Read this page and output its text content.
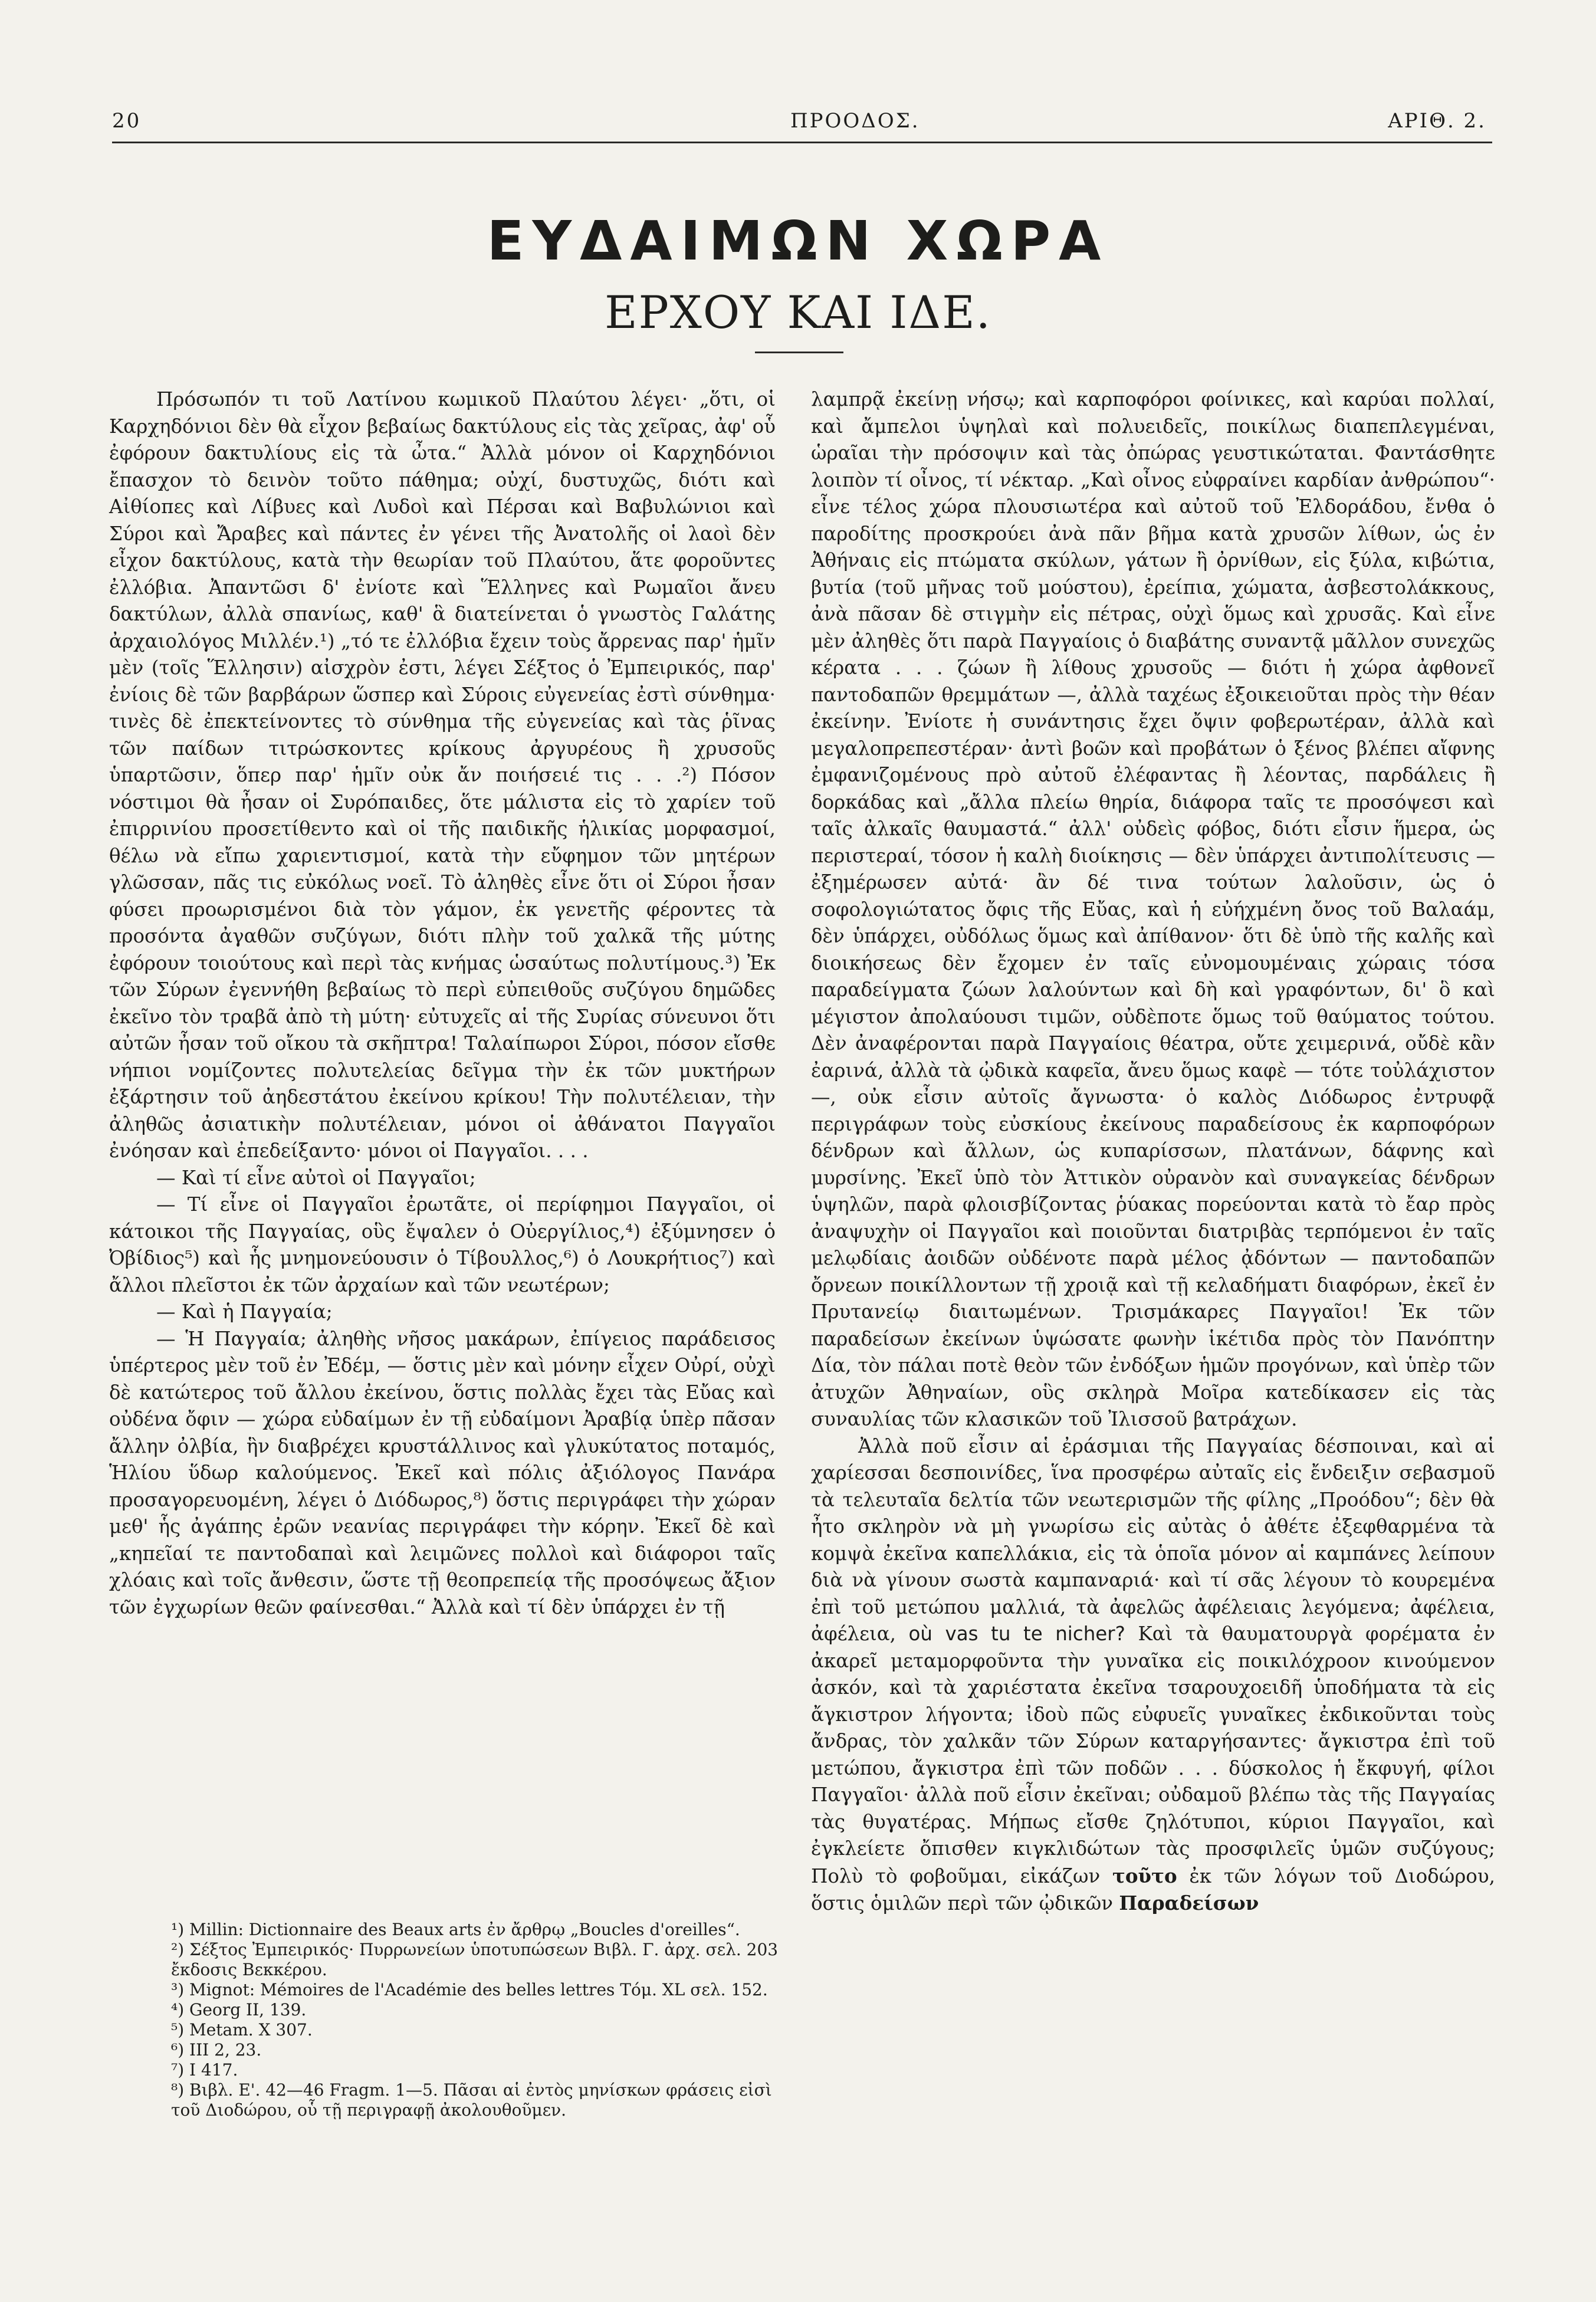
20	ΠΡΟΟΔΟΣ.	ΑΡΙΘ. 2.
ΕΥΔΑΙΜΩΝ ΧΩΡΑ
ΕΡΧΟΥ ΚΑΙ ΙΔΕ.

Πρόσωπόν τι τοῦ Λατίνου κωμικοῦ Πλαύτου λέγει· „ὅτι, οἱ Καρχηδόνιοι δὲν θὰ εἶχον βεβαίως δακτύλους εἰς τὰς χεῖρας, ἀφ' οὗ ἐφόρουν δακτυλίους εἰς τὰ ὦτα.“ Ἀλλὰ μόνον οἱ Καρχηδόνιοι ἔπασχον τὸ δεινὸν τοῦτο πάθημα; οὐχί, δυστυχῶς, διότι καὶ Αἰθίοπες καὶ Λίβυες καὶ Λυδοὶ καὶ Πέρσαι καὶ Βαβυλώνιοι καὶ Σύροι καὶ Ἄραβες καὶ πάντες ἐν γένει τῆς Ἀνατολῆς οἱ λαοὶ δὲν εἶχον δακτύλους, κατὰ τὴν θεωρίαν τοῦ Πλαύτου, ἅτε φοροῦντες ἐλλόβια. Ἀπαντῶσι δ' ἐνίοτε καὶ Ἕλληνες καὶ Ρωμαῖοι ἄνευ δακτύλων, ἀλλὰ σπανίως, καθ' ἃ διατείνεται ὁ γνωστὸς Γαλάτης ἀρχαιολόγος Μιλλέν.¹) „τό τε ἐλλόβια ἔχειν τοὺς ἄρρενας παρ' ἡμῖν μὲν (τοῖς Ἕλλησιν) αἰσχρὸν ἐστι, λέγει Σέξτος ὁ Ἐμπειρικός, παρ' ἐνίοις δὲ τῶν βαρβάρων ὥσπερ καὶ Σύροις εὐγενείας ἐστὶ σύνθημα· τινὲς δὲ ἐπεκτείνοντες τὸ σύνθημα τῆς εὐγενείας καὶ τὰς ῥῖνας τῶν παίδων τιτρώσκοντες κρίκους ἀργυρέους ἢ χρυσοῦς ὑπαρτῶσιν, ὅπερ παρ' ἡμῖν οὐκ ἄν ποιήσειέ τις . . .²) Πόσον νόστιμοι θὰ ἦσαν οἱ Συρόπαιδες, ὅτε μάλιστα εἰς τὸ χαρίεν τοῦ ἐπιρρινίου προσετίθεντο καὶ οἱ τῆς παιδικῆς ἡλικίας μορφασμοί, θέλω νὰ εἴπω χαριεντισμοί, κατὰ τὴν εὔφημον τῶν μητέρων γλῶσσαν, πᾶς τις εὐκόλως νοεῖ. Τὸ ἀληθὲς εἶνε ὅτι οἱ Σύροι ἦσαν φύσει προωρισμένοι διὰ τὸν γάμον, ἐκ γενετῆς φέροντες τὰ προσόντα ἀγαθῶν συζύγων, διότι πλὴν τοῦ χαλκᾶ τῆς μύτης ἐφόρουν τοιούτους καὶ περὶ τὰς κνήμας ὡσαύτως πολυτίμους.³) Ἐκ τῶν Σύρων ἐγεννήθη βεβαίως τὸ περὶ εὐπειθοῦς συζύγου δημῶδες ἐκεῖνο τὸν τραβᾶ ἀπὸ τὴ μύτη· εὐτυχεῖς αἱ τῆς Συρίας σύνευνοι ὅτι αὐτῶν ἦσαν τοῦ οἴκου τὰ σκῆπτρα! Ταλαίπωροι Σύροι, πόσον εἴσθε νήπιοι νομίζοντες πολυτελείας δεῖγμα τὴν ἐκ τῶν μυκτήρων ἐξάρτησιν τοῦ ἀηδεστάτου ἐκείνου κρίκου! Τὴν πολυτέλειαν, τὴν ἀληθῶς ἀσιατικὴν πολυτέλειαν, μόνοι οἱ ἀθάνατοι Παγγαῖοι ἐνόησαν καὶ ἐπεδείξαντο· μόνοι οἱ Παγγαῖοι. . . .

— Καὶ τί εἶνε αὐτοὶ οἱ Παγγαῖοι;

— Τί εἶνε οἱ Παγγαῖοι ἐρωτᾶτε, οἱ περίφημοι Παγγαῖοι, οἱ κάτοικοι τῆς Παγγαίας, οὓς ἔψαλεν ὁ Οὐεργίλιος,⁴) ἐξύμνησεν ὁ Ὀβίδιος⁵) καὶ ἧς μνημονεύουσιν ὁ Τίβουλλος,⁶) ὁ Λουκρήτιος⁷) καὶ ἄλλοι πλεῖστοι ἐκ τῶν ἀρχαίων καὶ τῶν νεωτέρων;

— Καὶ ἡ Παγγαία;

— Ἡ Παγγαία; ἀληθὴς νῆσος μακάρων, ἐπίγειος παράδεισος ὑπέρτερος μὲν τοῦ ἐν Ἐδέμ, — ὅστις μὲν καὶ μόνην εἶχεν Οὐρί, οὐχὶ δὲ κατώτερος τοῦ ἄλλου ἐκείνου, ὅστις πολλὰς ἔχει τὰς Εὔας καὶ οὐδένα ὄφιν — χώρα εὐδαίμων ἐν τῇ εὐδαίμονι Ἀραβίᾳ ὑπὲρ πᾶσαν ἄλλην ὀλβία, ἣν διαβρέχει κρυστάλλινος καὶ γλυκύτατος ποταμός, Ἡλίου ὕδωρ καλούμενος. Ἐκεῖ καὶ πόλις ἀξιόλογος Πανάρα προσαγορευομένη, λέγει ὁ Διόδωρος,⁸) ὅστις περιγράφει τὴν χώραν μεθ' ἧς ἀγάπης ἐρῶν νεανίας περιγράφει τὴν κόρην. Ἐκεῖ δὲ καὶ „κηπεῖαί τε παντοδαπαὶ καὶ λειμῶνες πολλοὶ καὶ διάφοροι ταῖς χλόαις καὶ τοῖς ἄνθεσιν, ὥστε τῇ θεοπρεπείᾳ τῆς προσόψεως ἄξιον τῶν ἐγχωρίων θεῶν φαίνεσθαι.“ Ἀλλὰ καὶ τί δὲν ὑπάρχει ἐν τῇ

¹) Millin: Dictionnaire des Beaux arts ἐν ἄρθρῳ „Boucles d'oreilles“.
²) Σέξτος Ἐμπειρικός· Πυρρωνείων ὑποτυπώσεων Βιβλ. Γ. ἀρχ. σελ. 203 ἔκδοσις Βεκκέρου.
³) Mignot: Mémoires de l'Académie des belles lettres Τόμ. XL σελ. 152.
⁴) Georg II, 139.
⁵) Metam. X 307.
⁶) III 2, 23.
⁷) I 417.
⁸) Βιβλ. Ε'. 42—46 Fragm. 1—5. Πᾶσαι αἱ ἐντὸς μηνίσκων φράσεις εἰσὶ τοῦ Διοδώρου, οὗ τῇ περιγραφῇ ἀκολουθοῦμεν.

λαμπρᾷ ἐκείνῃ νήσῳ; καὶ καρποφόροι φοίνικες, καὶ καρύαι πολλαί, καὶ ἄμπελοι ὑψηλαὶ καὶ πολυειδεῖς, ποικίλως διαπεπλεγμέναι, ὡραῖαι τὴν πρόσοψιν καὶ τὰς ὀπώρας γευστικώταται. Φαντάσθητε λοιπὸν τί οἶνος, τί νέκταρ. „Καὶ οἶνος εὐφραίνει καρδίαν ἀνθρώπου“· εἶνε τέλος χώρα πλουσιωτέρα καὶ αὐτοῦ τοῦ Ἐλδοράδου, ἔνθα ὁ παροδίτης προσκρούει ἀνὰ πᾶν βῆμα κατὰ χρυσῶν λίθων, ὡς ἐν Ἀθήναις εἰς πτώματα σκύλων, γάτων ἢ ὀρνίθων, εἰς ξύλα, κιβώτια, βυτία (τοῦ μῆνας τοῦ μούστου), ἐρείπια, χώματα, ἀσβεστολάκκους, ἀνὰ πᾶσαν δὲ στιγμὴν εἰς πέτρας, οὐχὶ ὅμως καὶ χρυσᾶς. Καὶ εἶνε μὲν ἀληθὲς ὅτι παρὰ Παγγαίοις ὁ διαβάτης συναντᾷ μᾶλλον συνεχῶς κέρατα . . . ζώων ἢ λίθους χρυσοῦς — διότι ἡ χώρα ἀφθονεῖ παντοδαπῶν θρεμμάτων —, ἀλλὰ ταχέως ἐξοικειοῦται πρὸς τὴν θέαν ἐκείνην. Ἐνίοτε ἡ συνάντησις ἔχει ὄψιν φοβερωτέραν, ἀλλὰ καὶ μεγαλοπρεπεστέραν· ἀντὶ βοῶν καὶ προβάτων ὁ ξένος βλέπει αἴφνης ἐμφανιζομένους πρὸ αὐτοῦ ἐλέφαντας ἢ λέοντας, παρδάλεις ἢ δορκάδας καὶ „ἄλλα πλείω θηρία, διάφορα ταῖς τε προσόψεσι καὶ ταῖς ἀλκαῖς θαυμαστά.“ ἀλλ' οὐδεὶς φόβος, διότι εἶσιν ἥμερα, ὡς περιστεραί, τόσον ἡ καλὴ διοίκησις — δὲν ὑπάρχει ἀντιπολίτευσις — ἐξημέρωσεν αὐτά· ἂν δέ τινα τούτων λαλοῦσιν, ὡς ὁ σοφολογιώτατος ὄφις τῆς Εὔας, καὶ ἡ εὐήχμένη ὄνος τοῦ Βαλαάμ, δὲν ὑπάρχει, οὐδόλως ὅμως καὶ ἀπίθανον· ὅτι δὲ ὑπὸ τῆς καλῆς καὶ διοικήσεως δὲν ἔχομεν ἐν ταῖς εὐνομουμέναις χώραις τόσα παραδείγματα ζώων λαλούντων καὶ δὴ καὶ γραφόντων, δι' ὃ καὶ μέγιστον ἀπολαύουσι τιμῶν, οὐδὲποτε ὅμως τοῦ θαύματος τούτου. Δὲν ἀναφέρονται παρὰ Παγγαίοις θέατρα, οὔτε χειμερινά, οὔδὲ κἂν ἐαρινά, ἀλλὰ τὰ ᾠδικὰ καφεῖα, ἄνευ ὅμως καφὲ — τότε τοὐλάχιστον —, οὐκ εἶσιν αὐτοῖς ἄγνωστα· ὁ καλὸς Διόδωρος ἐντρυφᾷ περιγράφων τοὺς εὐσκίους ἐκείνους παραδείσους ἐκ καρποφόρων δένδρων καὶ ἄλλων, ὡς κυπαρίσσων, πλατάνων, δάφνης καὶ μυρσίνης. Ἐκεῖ ὑπὸ τὸν Ἀττικὸν οὐρανὸν καὶ συναγκείας δένδρων ὑψηλῶν, παρὰ φλοισβίζοντας ῥύακας πορεύονται κατὰ τὸ ἔαρ πρὸς ἀναψυχὴν οἱ Παγγαῖοι καὶ ποιοῦνται διατριβὰς τερπόμενοι ἐν ταῖς μελῳδίαις ἀοιδῶν οὐδένοτε παρὰ μέλος ᾀδόντων — παντοδαπῶν ὄρνεων ποικίλλοντων τῇ χροιᾷ καὶ τῇ κελαδήματι διαφόρων, ἐκεῖ ἐν Πρυτανείῳ διαιτωμένων. Τρισμάκαρες Παγγαῖοι! Ἐκ τῶν παραδείσων ἐκείνων ὑψώσατε φωνὴν ἱκέτιδα πρὸς τὸν Πανόπτην Δία, τὸν πάλαι ποτὲ θεὸν τῶν ἐνδόξων ἡμῶν προγόνων, καὶ ὑπὲρ τῶν ἀτυχῶν Ἀθηναίων, οὓς σκληρὰ Μοῖρα κατεδίκασεν εἰς τὰς συναυλίας τῶν κλασικῶν τοῦ Ἰλισσοῦ βατράχων.

Ἀλλὰ ποῦ εἶσιν αἱ ἐράσμιαι τῆς Παγγαίας δέσποιναι, καὶ αἱ χαρίεσσαι δεσποινίδες, ἵνα προσφέρω αὐταῖς εἰς ἔνδειξιν σεβασμοῦ τὰ τελευταῖα δελτία τῶν νεωτερισμῶν τῆς φίλης „Προόδου“; δὲν θὰ ἦτο σκληρὸν νὰ μὴ γνωρίσω εἰς αὐτὰς ὁ ἀθέτε ἐξεφθαρμένα τὰ κομψὰ ἐκεῖνα καπελλάκια, εἰς τὰ ὁποῖα μόνον αἱ καμπάνες λείπουν διὰ νὰ γίνουν σωστὰ καμπαναριά· καὶ τί σᾶς λέγουν τὸ κουρεμένα ἐπὶ τοῦ μετώπου μαλλιά, τὰ ἀφελῶς ἀφέλειαις λεγόμενα; ἀφέλεια, ἀφέλεια, où vas tu te nicher? Καὶ τὰ θαυματουργὰ φορέματα ἐν ἀκαρεῖ μεταμορφοῦντα τὴν γυναῖκα εἰς ποικιλόχροον κινούμενον ἀσκόν, καὶ τὰ χαριέστατα ἐκεῖνα τσαρουχοειδῆ ὑποδήματα τὰ εἰς ἄγκιστρον λήγοντα; ἰδοὺ πῶς εὐφυεῖς γυναῖκες ἐκδικοῦνται τοὺς ἄνδρας, τὸν χαλκᾶν τῶν Σύρων καταργήσαντες· ἄγκιστρα ἐπὶ τοῦ μετώπου, ἄγκιστρα ἐπὶ τῶν ποδῶν . . . δύσκολος ἡ ἔκφυγή, φίλοι Παγγαῖοι· ἀλλὰ ποῦ εἶσιν ἐκεῖναι; οὐδαμοῦ βλέπω τὰς τῆς Παγγαίας τὰς θυγατέρας. Μήπως εἴσθε ζηλότυποι, κύριοι Παγγαῖοι, καὶ ἐγκλείετε ὄπισθεν κιγκλιδώτων τὰς προσφιλεῖς ὑμῶν συζύγους; Πολὺ τὸ φοβοῦμαι, εἰκάζων τοῦτο ἐκ τῶν λόγων τοῦ Διοδώρου, ὅστις ὁμιλῶν περὶ τῶν ᾠδικῶν Παραδείσων
